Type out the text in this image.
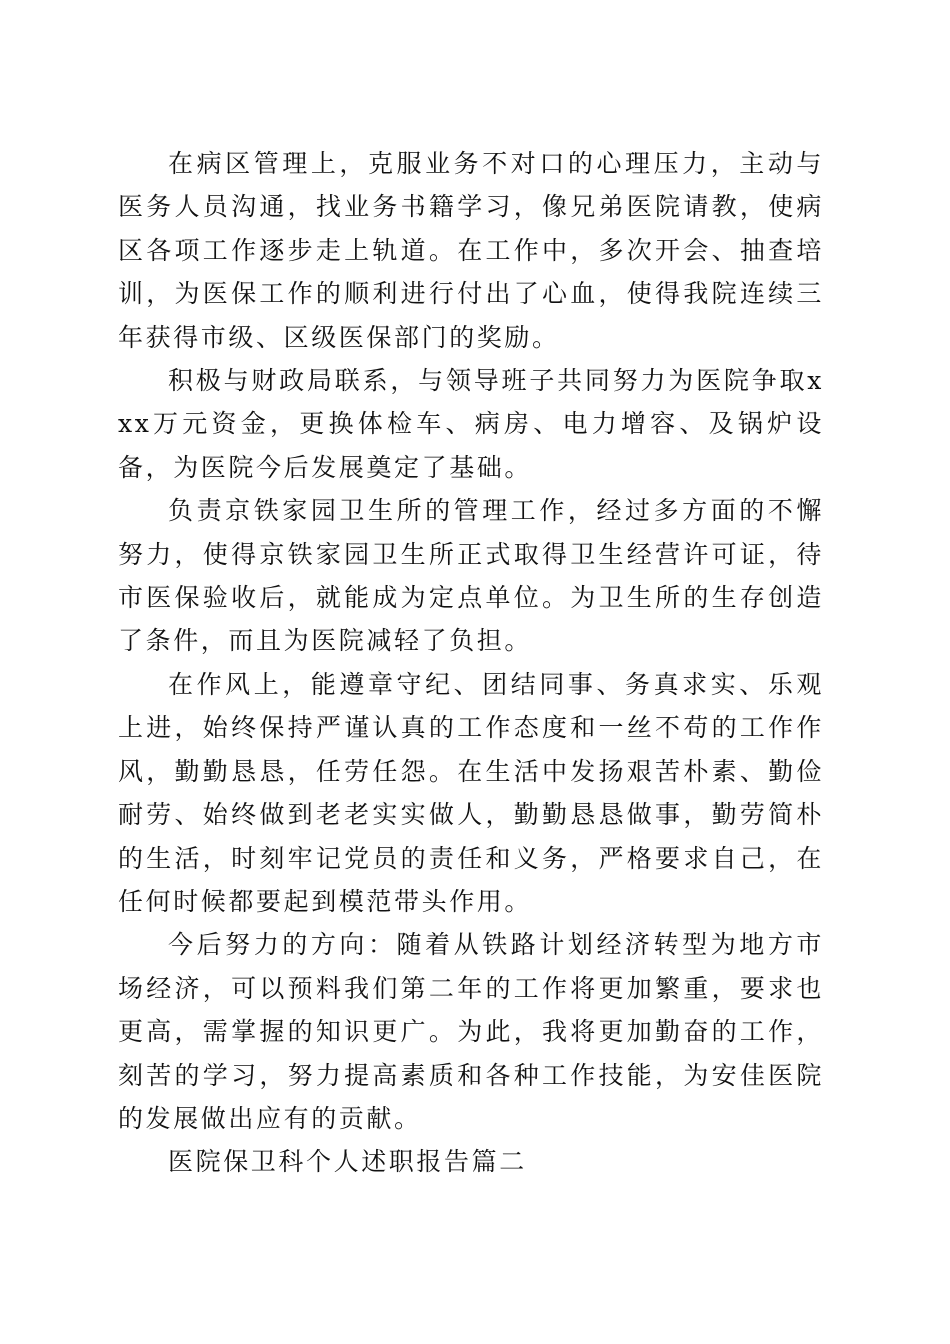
在病区管理上，克服业务不对口的心理压力，主动与医务人员沟通，找业务书籍学习，像兄弟医院请教，使病区各项工作逐步走上轨道。在工作中，多次开会、抽查培训，为医保工作的顺利进行付出了心血，使得我院连续三年获得市级、区级医保部门的奖励。

积极与财政局联系，与领导班子共同努力为医院争取xxx万元资金，更换体检车、病房、电力增容、及锅炉设备，为医院今后发展奠定了基础。

负责京铁家园卫生所的管理工作，经过多方面的不懈努力，使得京铁家园卫生所正式取得卫生经营许可证，待市医保验收后，就能成为定点单位。为卫生所的生存创造了条件，而且为医院减轻了负担。

在作风上，能遵章守纪、团结同事、务真求实、乐观上进，始终保持严谨认真的工作态度和一丝不苟的工作作风，勤勤恳恳，任劳任怨。在生活中发扬艰苦朴素、勤俭耐劳、始终做到老老实实做人，勤勤恳恳做事，勤劳简朴的生活，时刻牢记党员的责任和义务，严格要求自己，在任何时候都要起到模范带头作用。

今后努力的方向：随着从铁路计划经济转型为地方市场经济，可以预料我们第二年的工作将更加繁重，要求也更高，需掌握的知识更广。为此，我将更加勤奋的工作，刻苦的学习，努力提高素质和各种工作技能，为安佳医院的发展做出应有的贡献。

医院保卫科个人述职报告篇二
